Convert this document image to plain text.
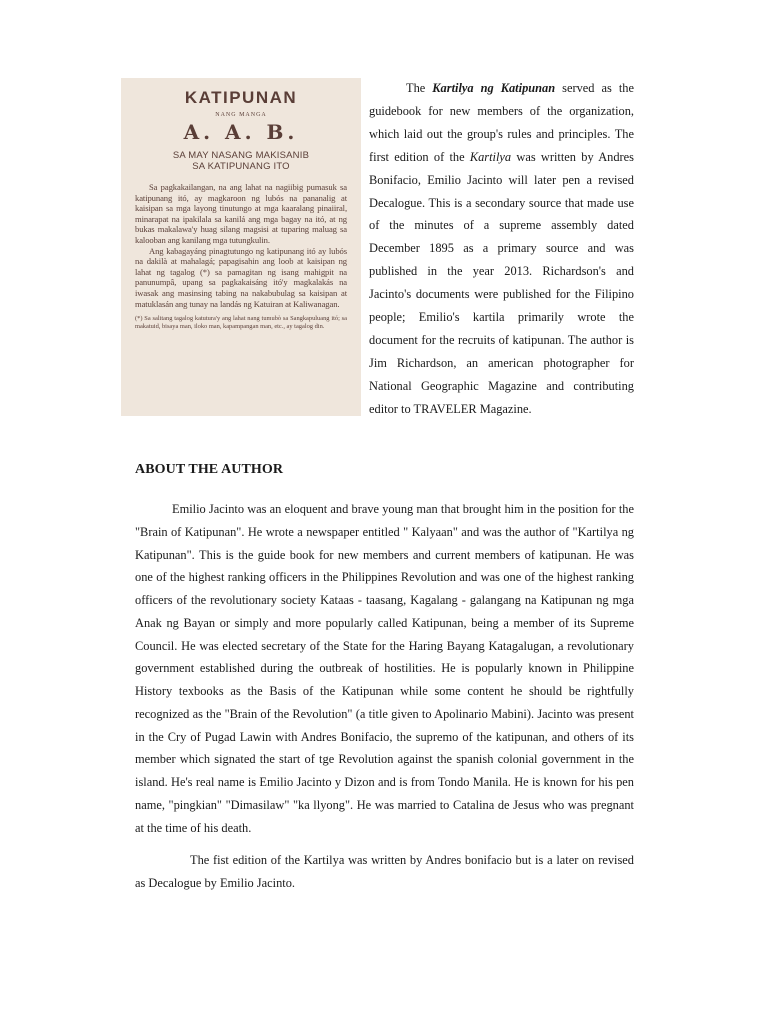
KATIPUNAN
NANG MANGA
A. A. B.
SA MAY NASANG MAKISANIB
SA KATIPUNANG ITO

Sa pagkakailangan, na ang lahat na nagiibig pumasuk sa katipunang itó, ay magkaroon ng lubós na pananalig at kaisipan sa mga layong tinutungo at mga kaaralang pinaiiral, minarapat na ipakilala sa kanilá ang mga bagay na itó, at ng bukas makalawa'y huag silang magsisi at tuparing maluag sa kalooban ang kanilang mga tutungkulin.

Ang kabagayáng pinagtutungo ng katipunang itó ay lubós na dakilà at mahalagá; papagisahin ang loob at kaisipan ng lahat ng tagalog (*) sa pamagitan ng isang mahigpit na panunumpâ, upang sa pagkakaisáng itó'y magkalakás na iwasak ang masinsing tabing na nakabubulag sa kaisipan at matuklasán ang tunay na landás ng Katuiran at Kaliwanagan.

(*) Sa salitang tagalog katutura'y ang lahat nang tumubò sa Sangkapuluang itó; sa makatuid, bisaya man, iloko man, kapampangan man, etc., ay tagalog din.

The Kartilya ng Katipunan served as the guidebook for new members of the organization, which laid out the group's rules and principles. The first edition of the Kartilya was written by Andres Bonifacio, Emilio Jacinto will later pen a revised Decalogue. This is a secondary source that made use of the minutes of a supreme assembly dated December 1895 as a primary source and was published in the year 2013. Richardson's and Jacinto's documents were published for the Filipino people; Emilio's kartila primarily wrote the document for the recruits of katipunan. The author is Jim Richardson, an american photographer for National Geographic Magazine and contributing editor to TRAVELER Magazine.

ABOUT THE AUTHOR

Emilio Jacinto was an eloquent and brave young man that brought him in the position for the "Brain of Katipunan". He wrote a newspaper entitled " Kalyaan" and was the author of "Kartilya ng Katipunan". This is the guide book for new members and current members of katipunan. He was one of the highest ranking officers in the Philippines Revolution and was one of the highest ranking officers of the revolutionary society Kataas - taasang, Kagalang - galangang na Katipunan ng mga Anak ng Bayan or simply and more popularly called Katipunan, being a member of its Supreme Council. He was elected secretary of the State for the Haring Bayang Katagalugan, a revolutionary government established during the outbreak of hostilities. He is popularly known in Philippine History texbooks as the Basis of the Katipunan while some content he should be rightfully recognized as the "Brain of the Revolution" (a title given to Apolinario Mabini). Jacinto was present in the Cry of Pugad Lawin with Andres Bonifacio, the supremo of the katipunan, and others of its member which signated the start of tge Revolution against the spanish colonial government in the island. He's real name is Emilio Jacinto y Dizon and is from Tondo Manila. He is known for his pen name, "pingkian" "Dimasilaw" "ka llyong". He was married to Catalina de Jesus who was pregnant at the time of his death.

The fist edition of the Kartilya was written by Andres bonifacio but is a later on revised as Decalogue by Emilio Jacinto.
